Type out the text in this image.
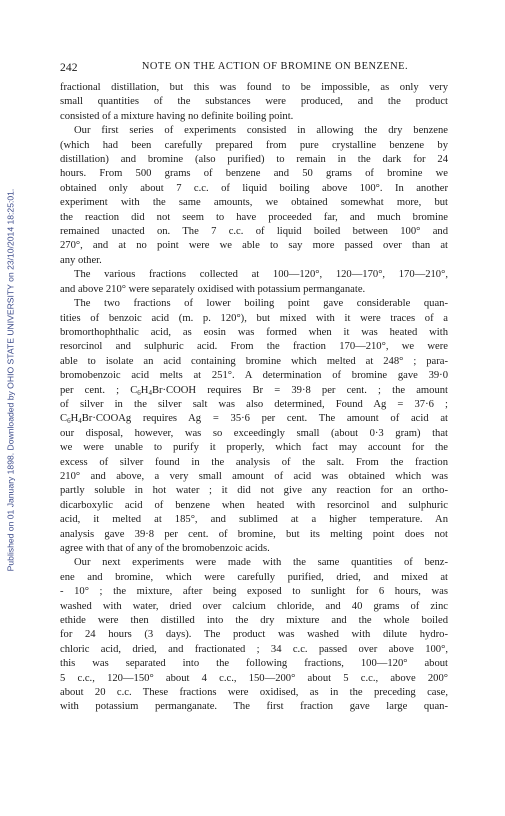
Published on 01 January 1898. Downloaded by OHIO STATE UNIVERSITY on 23/10/2014 18:25:01.
242	NOTE ON THE ACTION OF BROMINE ON BENZENE.

fractional distillation, but this was found to be impossible, as only very

small quantities of the substances were produced, and the product

consisted of a mixture having no definite boiling point.

Our first series of experiments consisted in allowing the dry benzene

(which had been carefully prepared from pure crystalline benzene by

distillation) and bromine (also purified) to remain in the dark for 24

hours. From 500 grams of benzene and 50 grams of bromine we

obtained only about 7 c.c. of liquid boiling above 100°. In another

experiment with the same amounts, we obtained somewhat more, but

the reaction did not seem to have proceeded far, and much bromine

remained unacted on. The 7 c.c. of liquid boiled between 100° and

270°, and at no point were we able to say more passed over than at

any other.

The various fractions collected at 100—120°, 120—170°, 170—210°,

and above 210° were separately oxidised with potassium permanganate.

The two fractions of lower boiling point gave considerable quan-

tities of benzoic acid (m. p. 120°), but mixed with it were traces of a

bromorthophthalic acid, as eosin was formed when it was heated with

resorcinol and sulphuric acid. From the fraction 170—210°, we were

able to isolate an acid containing bromine which melted at 248° ; para-

bromobenzoic acid melts at 251°. A determination of bromine gave 39·0

per cent. ; $C_6H_4Br\cdot COOH$ requires Br = 39·8 per cent. ; the amount

of silver in the silver salt was also determined, Found Ag = 37·6 ;

$C_6H_4Br\cdot COOAg$ requires Ag = 35·6 per cent. The amount of acid at

our disposal, however, was so exceedingly small (about 0·3 gram) that

we were unable to purify it properly, which fact may account for the

excess of silver found in the analysis of the salt. From the fraction

210° and above, a very small amount of acid was obtained which was

partly soluble in hot water ; it did not give any reaction for an ortho-

dicarboxylic acid of benzene when heated with resorcinol and sulphuric

acid, it melted at 185°, and sublimed at a higher temperature. An

analysis gave 39·8 per cent. of bromine, but its melting point does not

agree with that of any of the bromobenzoic acids.

Our next experiments were made with the same quantities of benz-

ene and bromine, which were carefully purified, dried, and mixed at

- 10° ; the mixture, after being exposed to sunlight for 6 hours, was

washed with water, dried over calcium chloride, and 40 grams of zinc

ethide were then distilled into the dry mixture and the whole boiled

for 24 hours (3 days). The product was washed with dilute hydro-

chloric acid, dried, and fractionated ; 34 c.c. passed over above 100°,

this was separated into the following fractions, 100—120° about

5 c.c., 120—150° about 4 c.c., 150—200° about 5 c.c., above 200°

about 20 c.c. These fractions were oxidised, as in the preceding case,

with potassium permanganate. The first fraction gave large quan-
